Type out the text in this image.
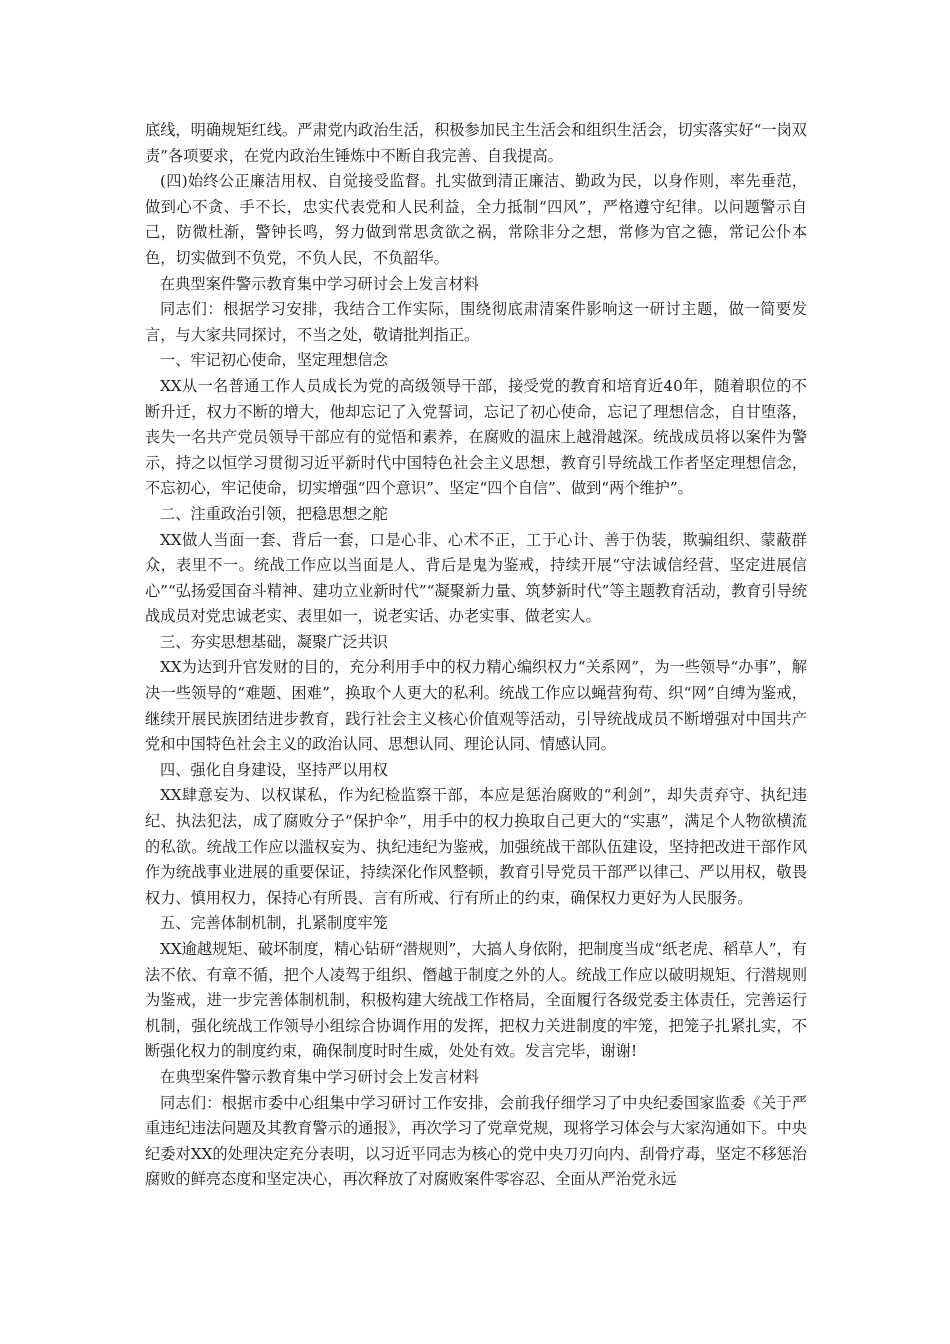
底线，明确规矩红线。严肃党内政治生活，积极参加民主生活会和组织生活会，切实落实好“一岗双责”各项要求，在党内政治生锤炼中不断自我完善、自我提高。

(四)始终公正廉洁用权、自觉接受监督。扎实做到清正廉洁、勤政为民，以身作则，率先垂范，做到心不贪、手不长，忠实代表党和人民利益，全力抵制“四风”，严格遵守纪律。以问题警示自己，防微杜渐，警钟长鸣，努力做到常思贪欲之祸，常除非分之想，常修为官之德，常记公仆本色，切实做到不负党，不负人民，不负韶华。

在典型案件警示教育集中学习研讨会上发言材料

同志们：根据学习安排，我结合工作实际，围绕彻底肃清案件影响这一研讨主题，做一简要发言，与大家共同探讨，不当之处，敬请批判指正。

一、牢记初心使命，坚定理想信念

XX从一名普通工作人员成长为党的高级领导干部，接受党的教育和培育近40年，随着职位的不断升迁，权力不断的增大，他却忘记了入党誓词，忘记了初心使命，忘记了理想信念，自甘堕落，丧失一名共产党员领导干部应有的觉悟和素养，在腐败的温床上越滑越深。统战成员将以案件为警示，持之以恒学习贯彻习近平新时代中国特色社会主义思想，教育引导统战工作者坚定理想信念，不忘初心，牢记使命，切实增强“四个意识”、坚定“四个自信”、做到“两个维护”。

二、注重政治引领，把稳思想之舵

XX做人当面一套、背后一套，口是心非、心术不正，工于心计、善于伪装，欺骗组织、蒙蔽群众，表里不一。统战工作应以当面是人、背后是鬼为鉴戒，持续开展“守法诚信经营、坚定进展信心”“弘扬爱国奋斗精神、建功立业新时代”“凝聚新力量、筑梦新时代”等主题教育活动，教育引导统战成员对党忠诚老实、表里如一，说老实话、办老实事、做老实人。

三、夯实思想基础，凝聚广泛共识

XX为达到升官发财的目的，充分利用手中的权力精心编织权力“关系网”，为一些领导“办事”，解决一些领导的“难题、困难”，换取个人更大的私利。统战工作应以蝇营狗苟、织“网”自缚为鉴戒，继续开展民族团结进步教育，践行社会主义核心价值观等活动，引导统战成员不断增强对中国共产党和中国特色社会主义的政治认同、思想认同、理论认同、情感认同。

四、强化自身建设，坚持严以用权

XX肆意妄为、以权谋私，作为纪检监察干部，本应是惩治腐败的“利剑”，却失责弃守、执纪违纪、执法犯法，成了腐败分子“保护伞”，用手中的权力换取自己更大的“实惠”，满足个人物欲横流的私欲。统战工作应以滥权妄为、执纪违纪为鉴戒，加强统战干部队伍建设，坚持把改进干部作风作为统战事业进展的重要保证，持续深化作风整顿，教育引导党员干部严以律己、严以用权，敬畏权力、慎用权力，保持心有所畏、言有所戒、行有所止的约束，确保权力更好为人民服务。

五、完善体制机制，扎紧制度牢笼

XX逾越规矩、破坏制度，精心钻研“潜规则”，大搞人身依附，把制度当成“纸老虎、稻草人”，有法不依、有章不循，把个人凌驾于组织、僭越于制度之外的人。统战工作应以破明规矩、行潜规则为鉴戒，进一步完善体制机制，积极构建大统战工作格局，全面履行各级党委主体责任，完善运行机制，强化统战工作领导小组综合协调作用的发挥，把权力关进制度的牢笼，把笼子扎紧扎实，不断强化权力的制度约束，确保制度时时生威，处处有效。发言完毕，谢谢!

在典型案件警示教育集中学习研讨会上发言材料

同志们：根据市委中心组集中学习研讨工作安排，会前我仔细学习了中央纪委国家监委《关于严重违纪违法问题及其教育警示的通报》，再次学习了党章党规，现将学习体会与大家沟通如下。中央纪委对XX的处理决定充分表明，以习近平同志为核心的党中央刀刃向内、刮骨疗毒，坚定不移惩治腐败的鲜亮态度和坚定决心，再次释放了对腐败案件零容忍、全面从严治党永远
